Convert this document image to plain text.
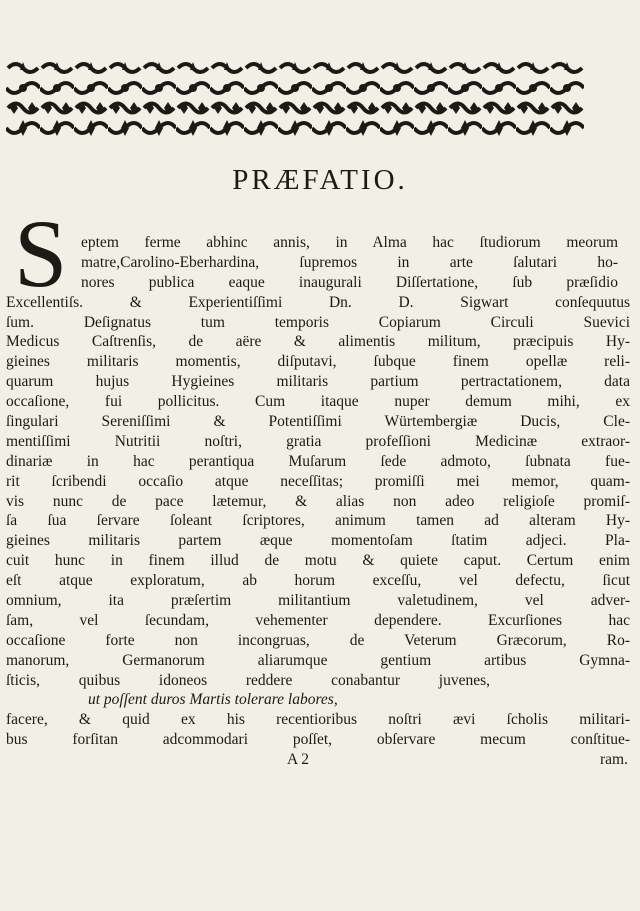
PRÆFATIO.
S eptem ferme abhinc annis, in Alma hac ſtudiorum meorum
matre,Carolino-Eberhardina, ſupremos in arte ſalutari ho-
nores publica eaque inaugurali Diſſertatione, ſub præſidio
Excellentiſs. & Experientiſſimi Dn. D. Sigwart conſequutus
ſum. Deſignatus tum temporis Copiarum Circuli Suevici
Medicus Caſtrenſis, de aëre & alimentis militum, præcipuis Hy-
gieines militaris momentis, diſputavi, ſubque finem opellæ reli-
quarum hujus Hygieines militaris partium pertractationem, data
occaſione, fui pollicitus. Cum itaque nuper demum mihi, ex
ſingulari Sereniſſimi & Potentiſſimi Würtembergiæ Ducis, Cle-
mentiſſimi Nutritii noſtri, gratia profeſſioni Medicinæ extraor-
dinariæ in hac perantiqua Muſarum ſede admoto, ſubnata fue-
rit ſcribendi occaſio atque neceſſitas; promiſſi mei memor, quam-
vis nunc de pace lætemur, & alias non adeo religioſe promiſ-
ſa ſua ſervare ſoleant ſcriptores, animum tamen ad alteram Hy-
gieines militaris partem æque momentoſam ſtatim adjeci. Pla-
cuit hunc in finem illud de motu & quiete caput. Certum enim
eſt atque exploratum, ab horum exceſſu, vel defectu, ſicut
omnium, ita præſertim militantium valetudinem, vel adver-
ſam, vel ſecundam, vehementer dependere. Excurſiones hac
occaſione forte non incongruas, de Veterum Græcorum, Ro-
manorum, Germanorum aliarumque gentium artibus Gymna-
ſticis, quibus idoneos reddere conabantur juvenes,
ut poſſent duros Martis tolerare labores,
facere, & quid ex his recentioribus noſtri ævi ſcholis militari-
bus forſitan adcommodari poſſet, obſervare mecum conſtitue-
A 2	ram.
